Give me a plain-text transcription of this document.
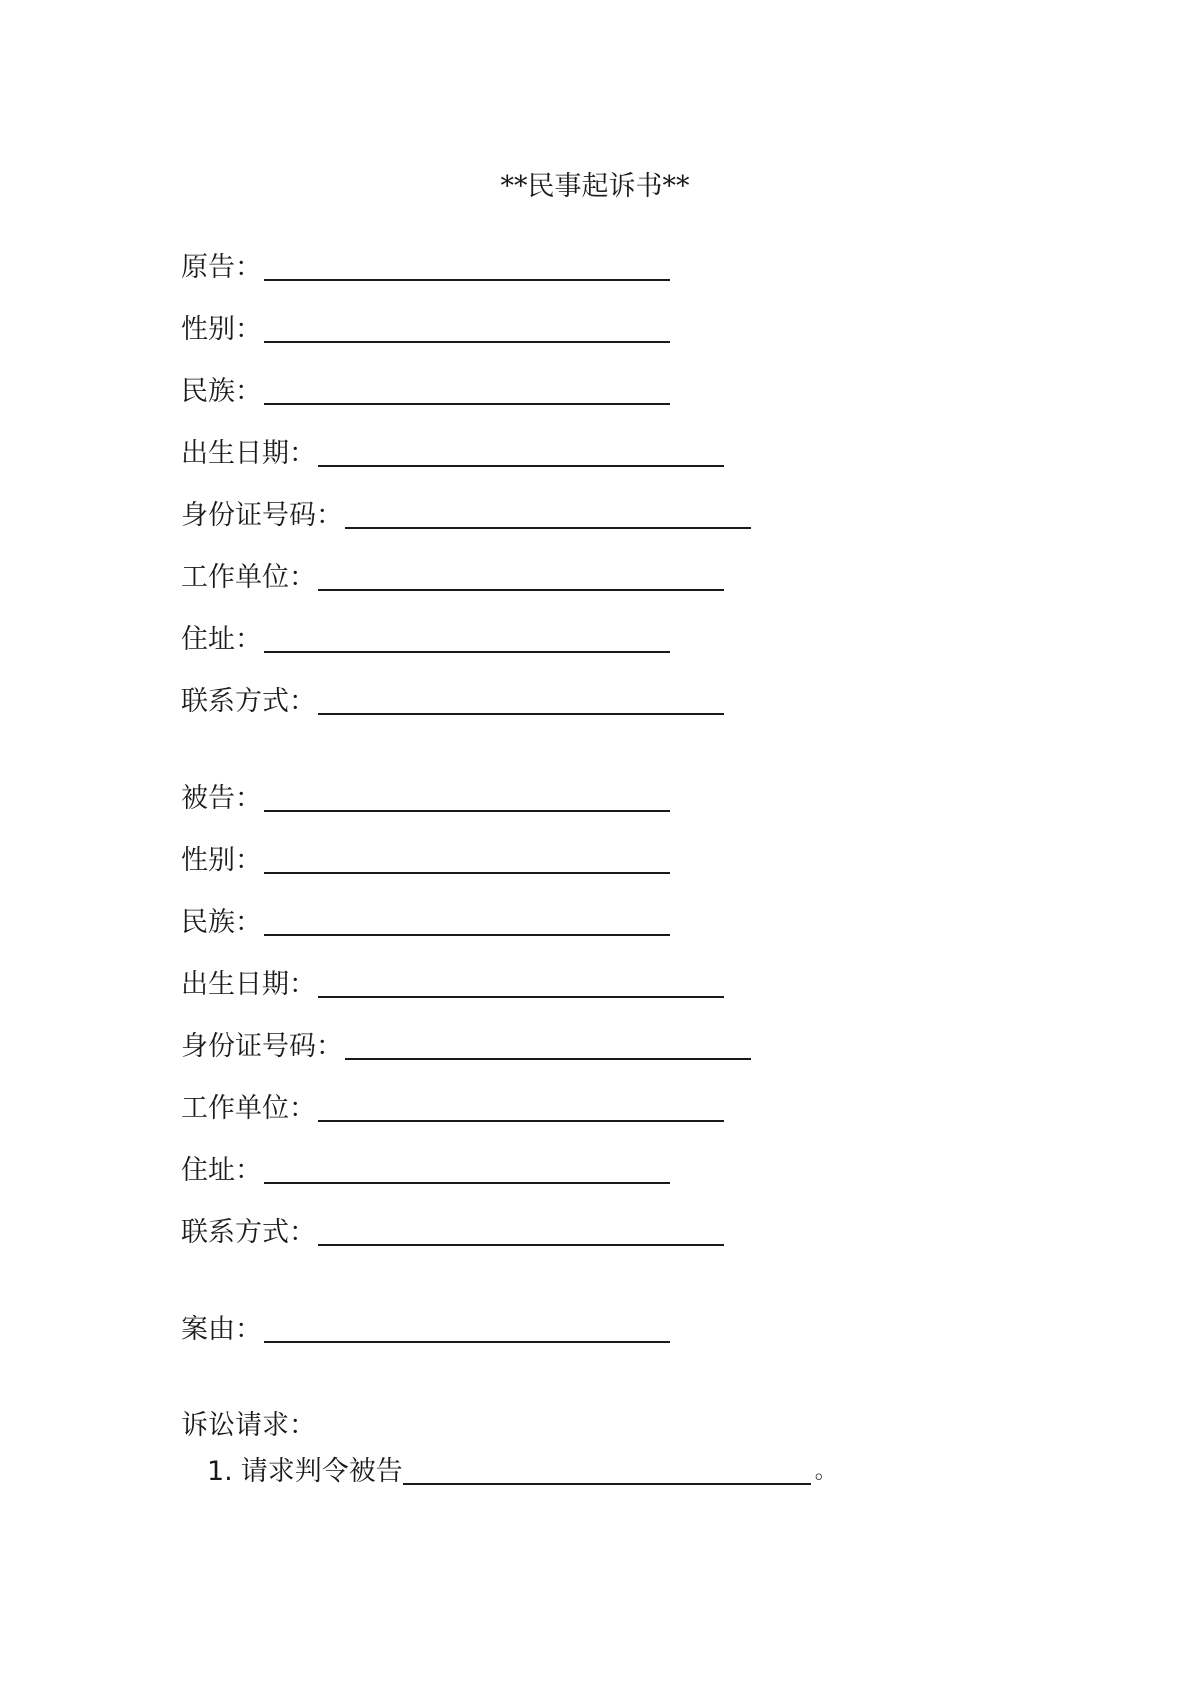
**民事起诉书**
原告：
性别：
民族：
出生日期：
身份证号码：
工作单位：
住址：
联系方式：
被告：
性别：
民族：
出生日期：
身份证号码：
工作单位：
住址：
联系方式：
案由：
诉讼请求：
1. 请求判令被告	。
